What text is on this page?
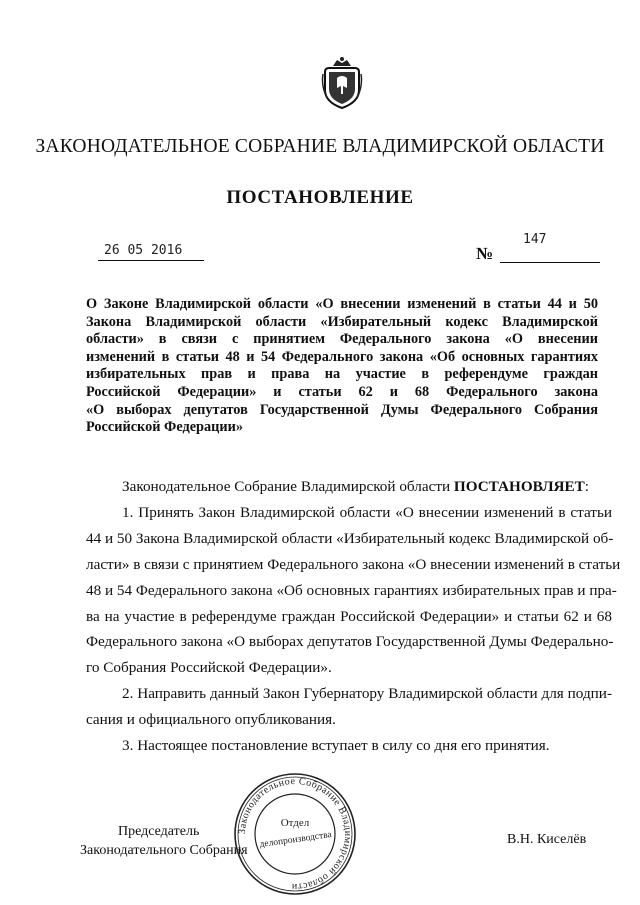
ЗАКОНОДАТЕЛЬНОЕ СОБРАНИЕ ВЛАДИМИРСКОЙ ОБЛАСТИ
ПОСТАНОВЛЕНИЕ
26 05 2016	№
147
О Законе Владимирской области «О внесении изменений в статьи 44 и 50
Закона Владимирской области «Избирательный кодекс Владимирской
области» в связи с принятием Федерального закона «О внесении
изменений в статьи 48 и 54 Федерального закона «Об основных гарантиях
избирательных прав и права на участие в референдуме граждан
Российской Федерации» и статьи 62 и 68 Федерального закона
«О выборах депутатов Государственной Думы Федерального Собрания
Российской Федерации»
Законодательное Собрание Владимирской области ПОСТАНОВЛЯЕТ:
1. Принять Закон Владимирской области «О внесении изменений в статьи
44 и 50 Закона Владимирской области «Избирательный кодекс Владимирской об-
ласти» в связи с принятием Федерального закона «О внесении изменений в статьи
48 и 54 Федерального закона «Об основных гарантиях избирательных прав и пра-
ва на участие в референдуме граждан Российской Федерации» и статьи 62 и 68
Федерального закона «О выборах депутатов Государственной Думы Федерально-
го Собрания Российской Федерации».
2. Направить данный Закон Губернатору Владимирской области для подпи-
сания и официального опубликования.
3. Настоящее постановление вступает в силу со дня его принятия.
Председатель
Законодательного Собрания
В.Н. Киселёв
Законодательное Собрание Владимирской области
Отдел
делопроизводства
